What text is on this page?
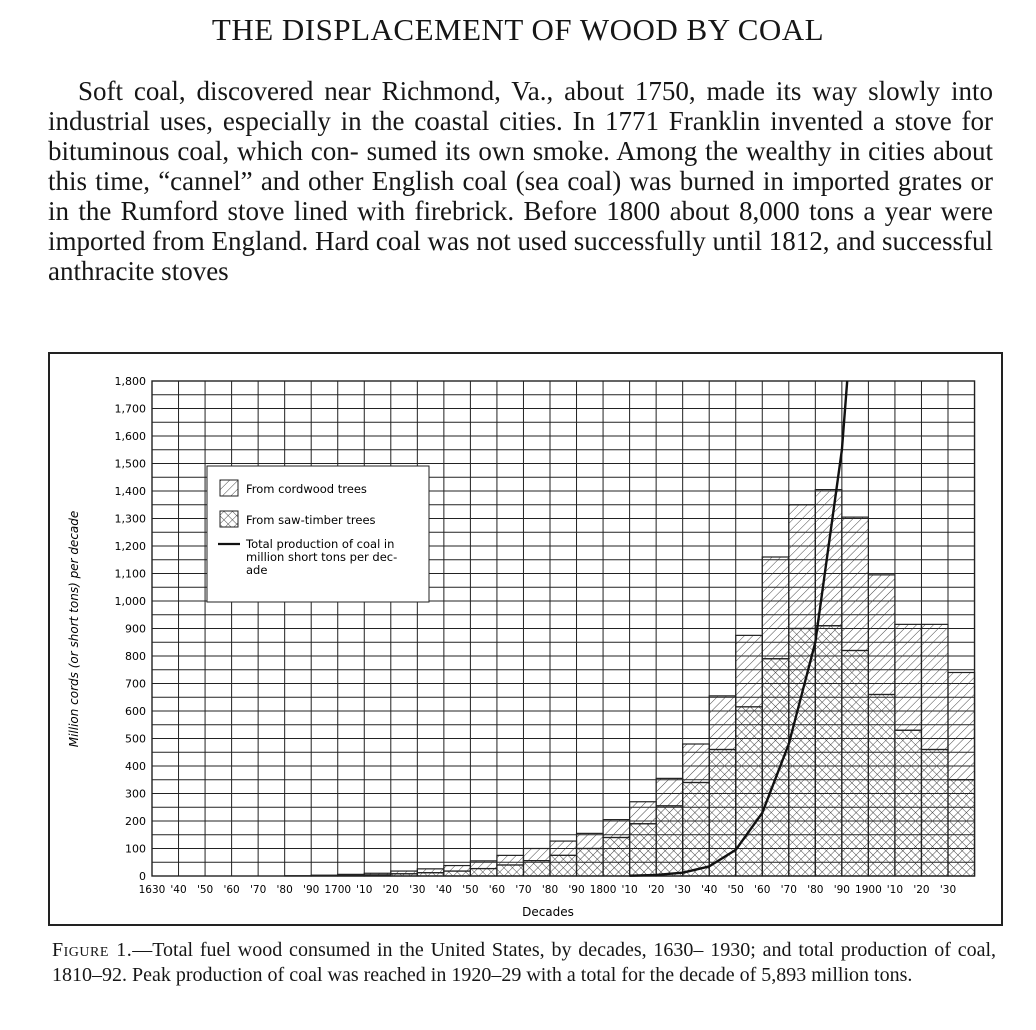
THE DISPLACEMENT OF WOOD BY COAL

Soft coal, discovered near Richmond, Va., about 1750, made its way slowly into industrial uses, especially in the coastal cities. In 1771 Franklin invented a stove for bituminous coal, which con- sumed its own smoke. Among the wealthy in cities about this time, “cannel” and other English coal (sea coal) was burned in imported grates or in the Rumford stove lined with firebrick. Before 1800 about 8,000 tons a year were imported from England. Hard coal was not used successfully until 1812, and successful anthracite stoves

0
100
200
300
400
500
600
700
800
900
1,000
1,100
1,200
1,300
1,400
1,500
1,600
1,700
1,800
1630 '40 '50 '60 '70 '80 '90 1700 '10 '20 '30 '40 '50 '60 '70 '80 '90 1800 '10 '20 '30 '40 '50 '60 '70 '80 '90 1900 '10 '20 '30
From cordwood trees
From saw-timber trees
Total production of coal in
million short tons per dec-
ade
Decades
Million cords (or short tons) per decade

Figure 1.—Total fuel wood consumed in the United States, by decades, 1630– 1930; and total production of coal, 1810–92. Peak production of coal was reached in 1920–29 with a total for the decade of 5,893 million tons.
